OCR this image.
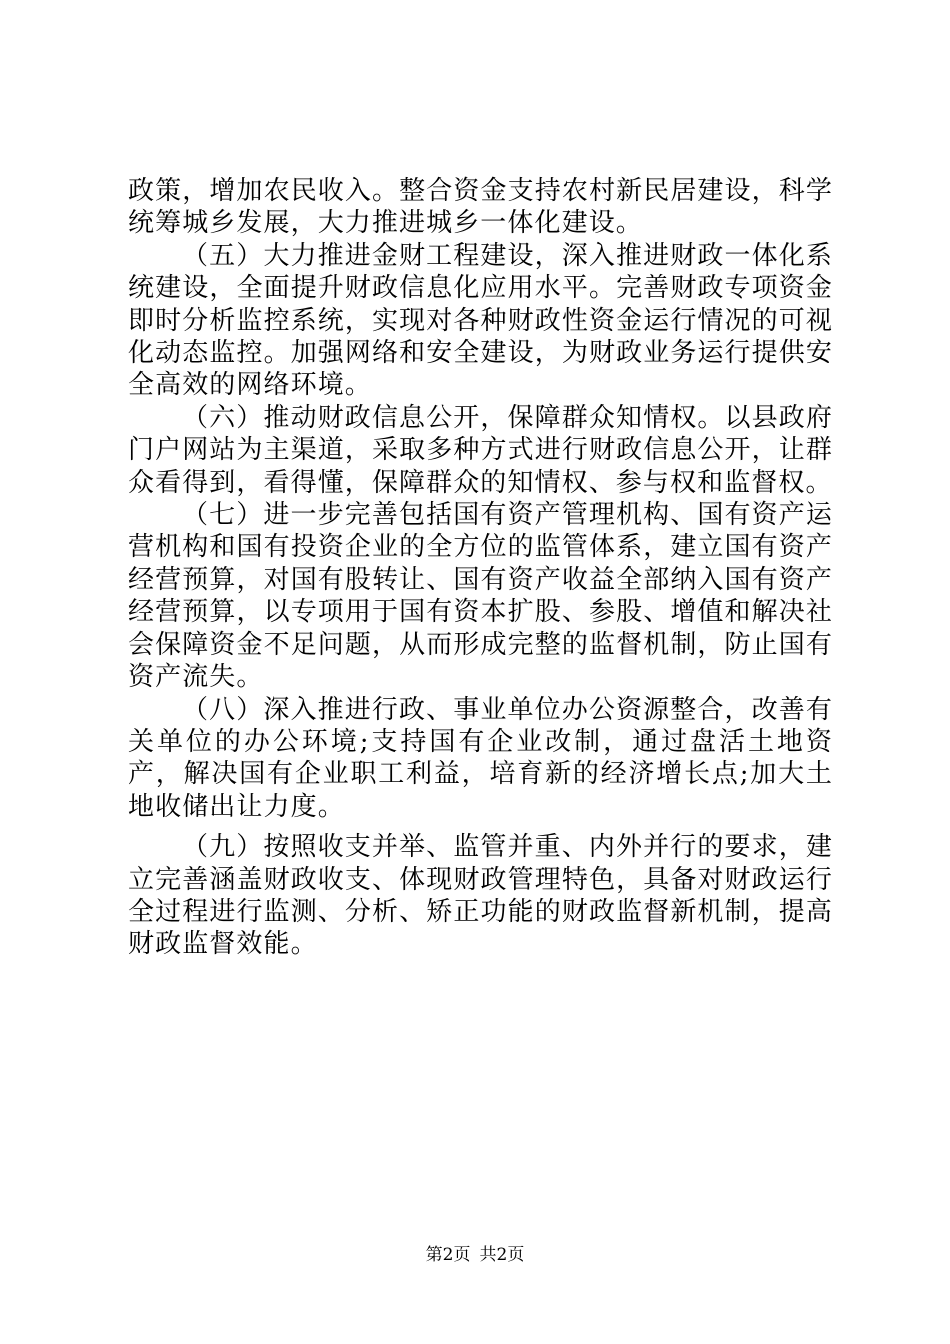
政策，增加农民收入。整合资金支持农村新民居建设，科学统筹城乡发展，大力推进城乡一体化建设。

（五）大力推进金财工程建设，深入推进财政一体化系统建设，全面提升财政信息化应用水平。完善财政专项资金即时分析监控系统，实现对各种财政性资金运行情况的可视化动态监控。加强网络和安全建设，为财政业务运行提供安全高效的网络环境。

（六）推动财政信息公开，保障群众知情权。以县政府门户网站为主渠道，采取多种方式进行财政信息公开，让群众看得到，看得懂，保障群众的知情权、参与权和监督权。

（七）进一步完善包括国有资产管理机构、国有资产运营机构和国有投资企业的全方位的监管体系，建立国有资产经营预算，对国有股转让、国有资产收益全部纳入国有资产经营预算，以专项用于国有资本扩股、参股、增值和解决社会保障资金不足问题，从而形成完整的监督机制，防止国有资产流失。

（八）深入推进行政、事业单位办公资源整合，改善有关单位的办公环境;支持国有企业改制，通过盘活土地资产，解决国有企业职工利益，培育新的经济增长点;加大土地收储出让力度。

（九）按照收支并举、监管并重、内外并行的要求，建立完善涵盖财政收支、体现财政管理特色，具备对财政运行全过程进行监测、分析、矫正功能的财政监督新机制，提高财政监督效能。

第2页 共2页
